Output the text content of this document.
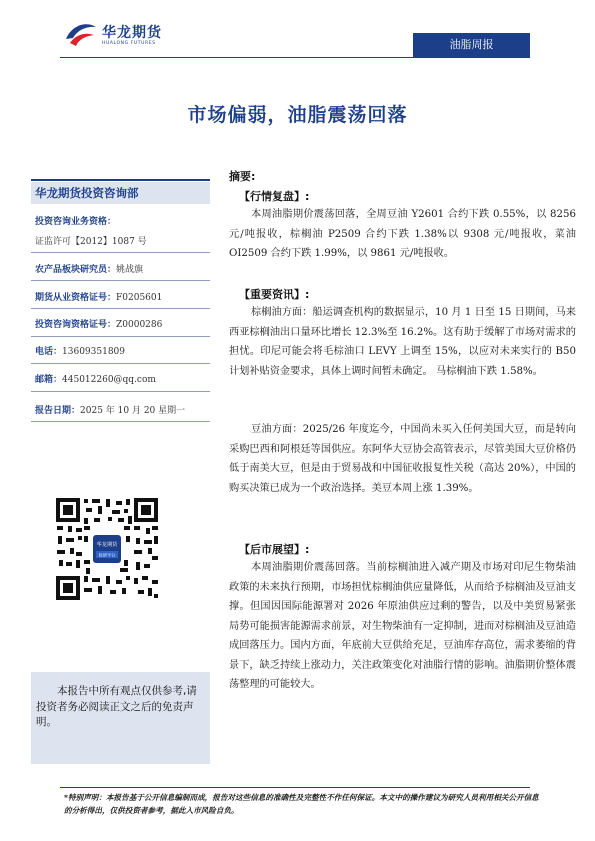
华龙期货
HUALONG FUTURES	油脂周报
市场偏弱，油脂震荡回落
华龙期货投资咨询部
投资咨询业务资格：
证监许可【2012】1087 号
农产品板块研究员：姚战旗
期货从业资格证号：F0205601
投资咨询资格证号：Z0000286
电话：13609351809
邮箱：445012260@qq.com
报告日期：2025 年 10 月 20 星期一
华龙期货
投研平台
本报告中所有观点仅供参考,请投资者务必阅读正文之后的免责声明。
摘要:
【行情复盘】:
本周油脂期价震荡回落，全周豆油 Y2601 合约下跌 0.55%，以 8256 元/吨报收，棕榈油 P2509 合约下跌 1.38%以 9308 元/吨报收，菜油 OI2509 合约下跌 1.99%，以 9861 元/吨报收。
【重要资讯】:
棕榈油方面：船运调查机构的数据显示，10 月 1 日至 15 日期间，马来西亚棕榈油出口量环比增长 12.3%至 16.2%。这有助于缓解了市场对需求的担忧。印尼可能会将毛棕油口 LEVY 上调至 15%，以应对未来实行的 B50 计划补贴资金要求，具体上调时间暂未确定。 马棕榈油下跌 1.58%。
豆油方面：2025/26 年度迄今，中国尚未买入任何美国大豆，而是转向采购巴西和阿根廷等国供应。东阿华大豆协会高管表示，尽管美国大豆价格仍低于南美大豆，但是由于贸易战和中国征收报复性关税（高达 20%），中国的购买决策已成为一个政治选择。美豆本周上涨 1.39%。
【后市展望】:
本周油脂期价震荡回落。当前棕榈油进入减产期及市场对印尼生物柴油政策的未来执行预期，市场担忧棕榈油供应量降低，从而给予棕榈油及豆油支撑。但国因国际能源署对 2026 年原油供应过剩的警告，以及中美贸易紧张局势可能损害能源需求前景，对生物柴油有一定抑制，进而对棕榈油及豆油造成回落压力。国内方面，年底前大豆供给充足，豆油库存高位，需求萎缩的背景下，缺乏持续上涨动力，关注政策变化对油脂行情的影响。油脂期价整体震荡整理的可能较大。
*特别声明：本报告基于公开信息编制而成，报告对这些信息的准确性及完整性不作任何保证。本文中的操作建议为研究人员利用相关公开信息的分析得出，仅供投资者参考，据此入市风险自负。
